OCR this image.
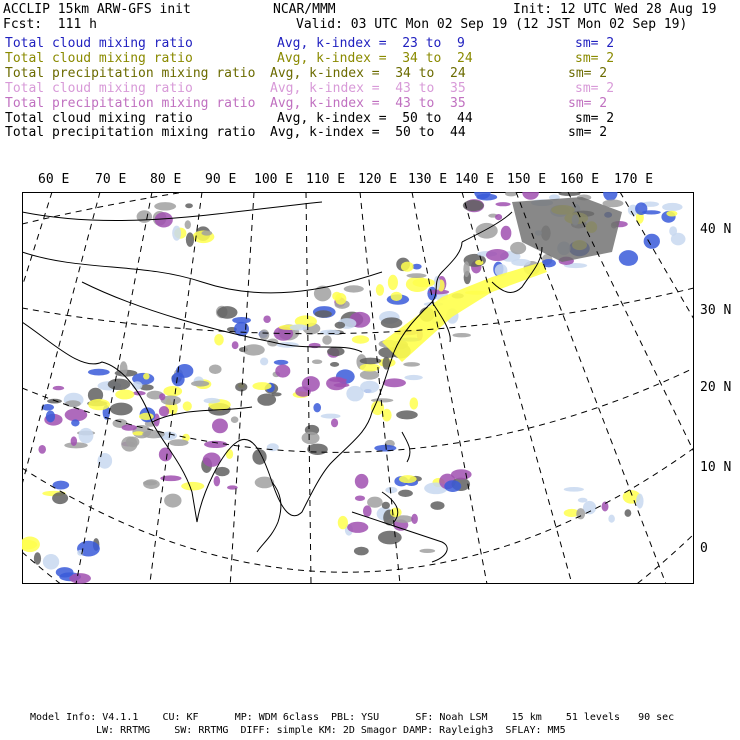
ACCLIP 15km ARW-GFS init	NCAR/MMM	Init: 12 UTC Wed 28 Aug 19
Fcst:  111 h	Valid: 03 UTC Mon 02 Sep 19 (12 JST Mon 02 Sep 19)
Total cloud mixing ratio	Avg, k-index =  23 to  9	sm= 2
Total cloud mixing ratio	Avg, k-index =  34 to  24	sm= 2
Total precipitation mixing ratio Avg, k-index =  34 to  24	sm= 2
Total cloud mixing ratio	Avg, k-index =  43 to  35	sm= 2
Total precipitation mixing ratio Avg, k-index =  43 to  35	sm= 2
Total cloud mixing ratio	Avg, k-index =  50 to  44	sm= 2
Total precipitation mixing ratio Avg, k-index =  50 to  44	sm= 2
60 E 70 E 80 E 90 E 100 E 110 E 120 E 130 E 140 E 150 E 160 E 170 E
40 N
30 N
20 N
10 N
0
Model Info: V4.1.1    CU: KF      MP: WDM 6class  PBL: YSU      SF: Noah LSM    15 km    51 levels   90 sec
LW: RRTMG    SW: RRTMG  DIFF: simple KM: 2D Smagor DAMP: Rayleigh3  SFLAY: MM5
